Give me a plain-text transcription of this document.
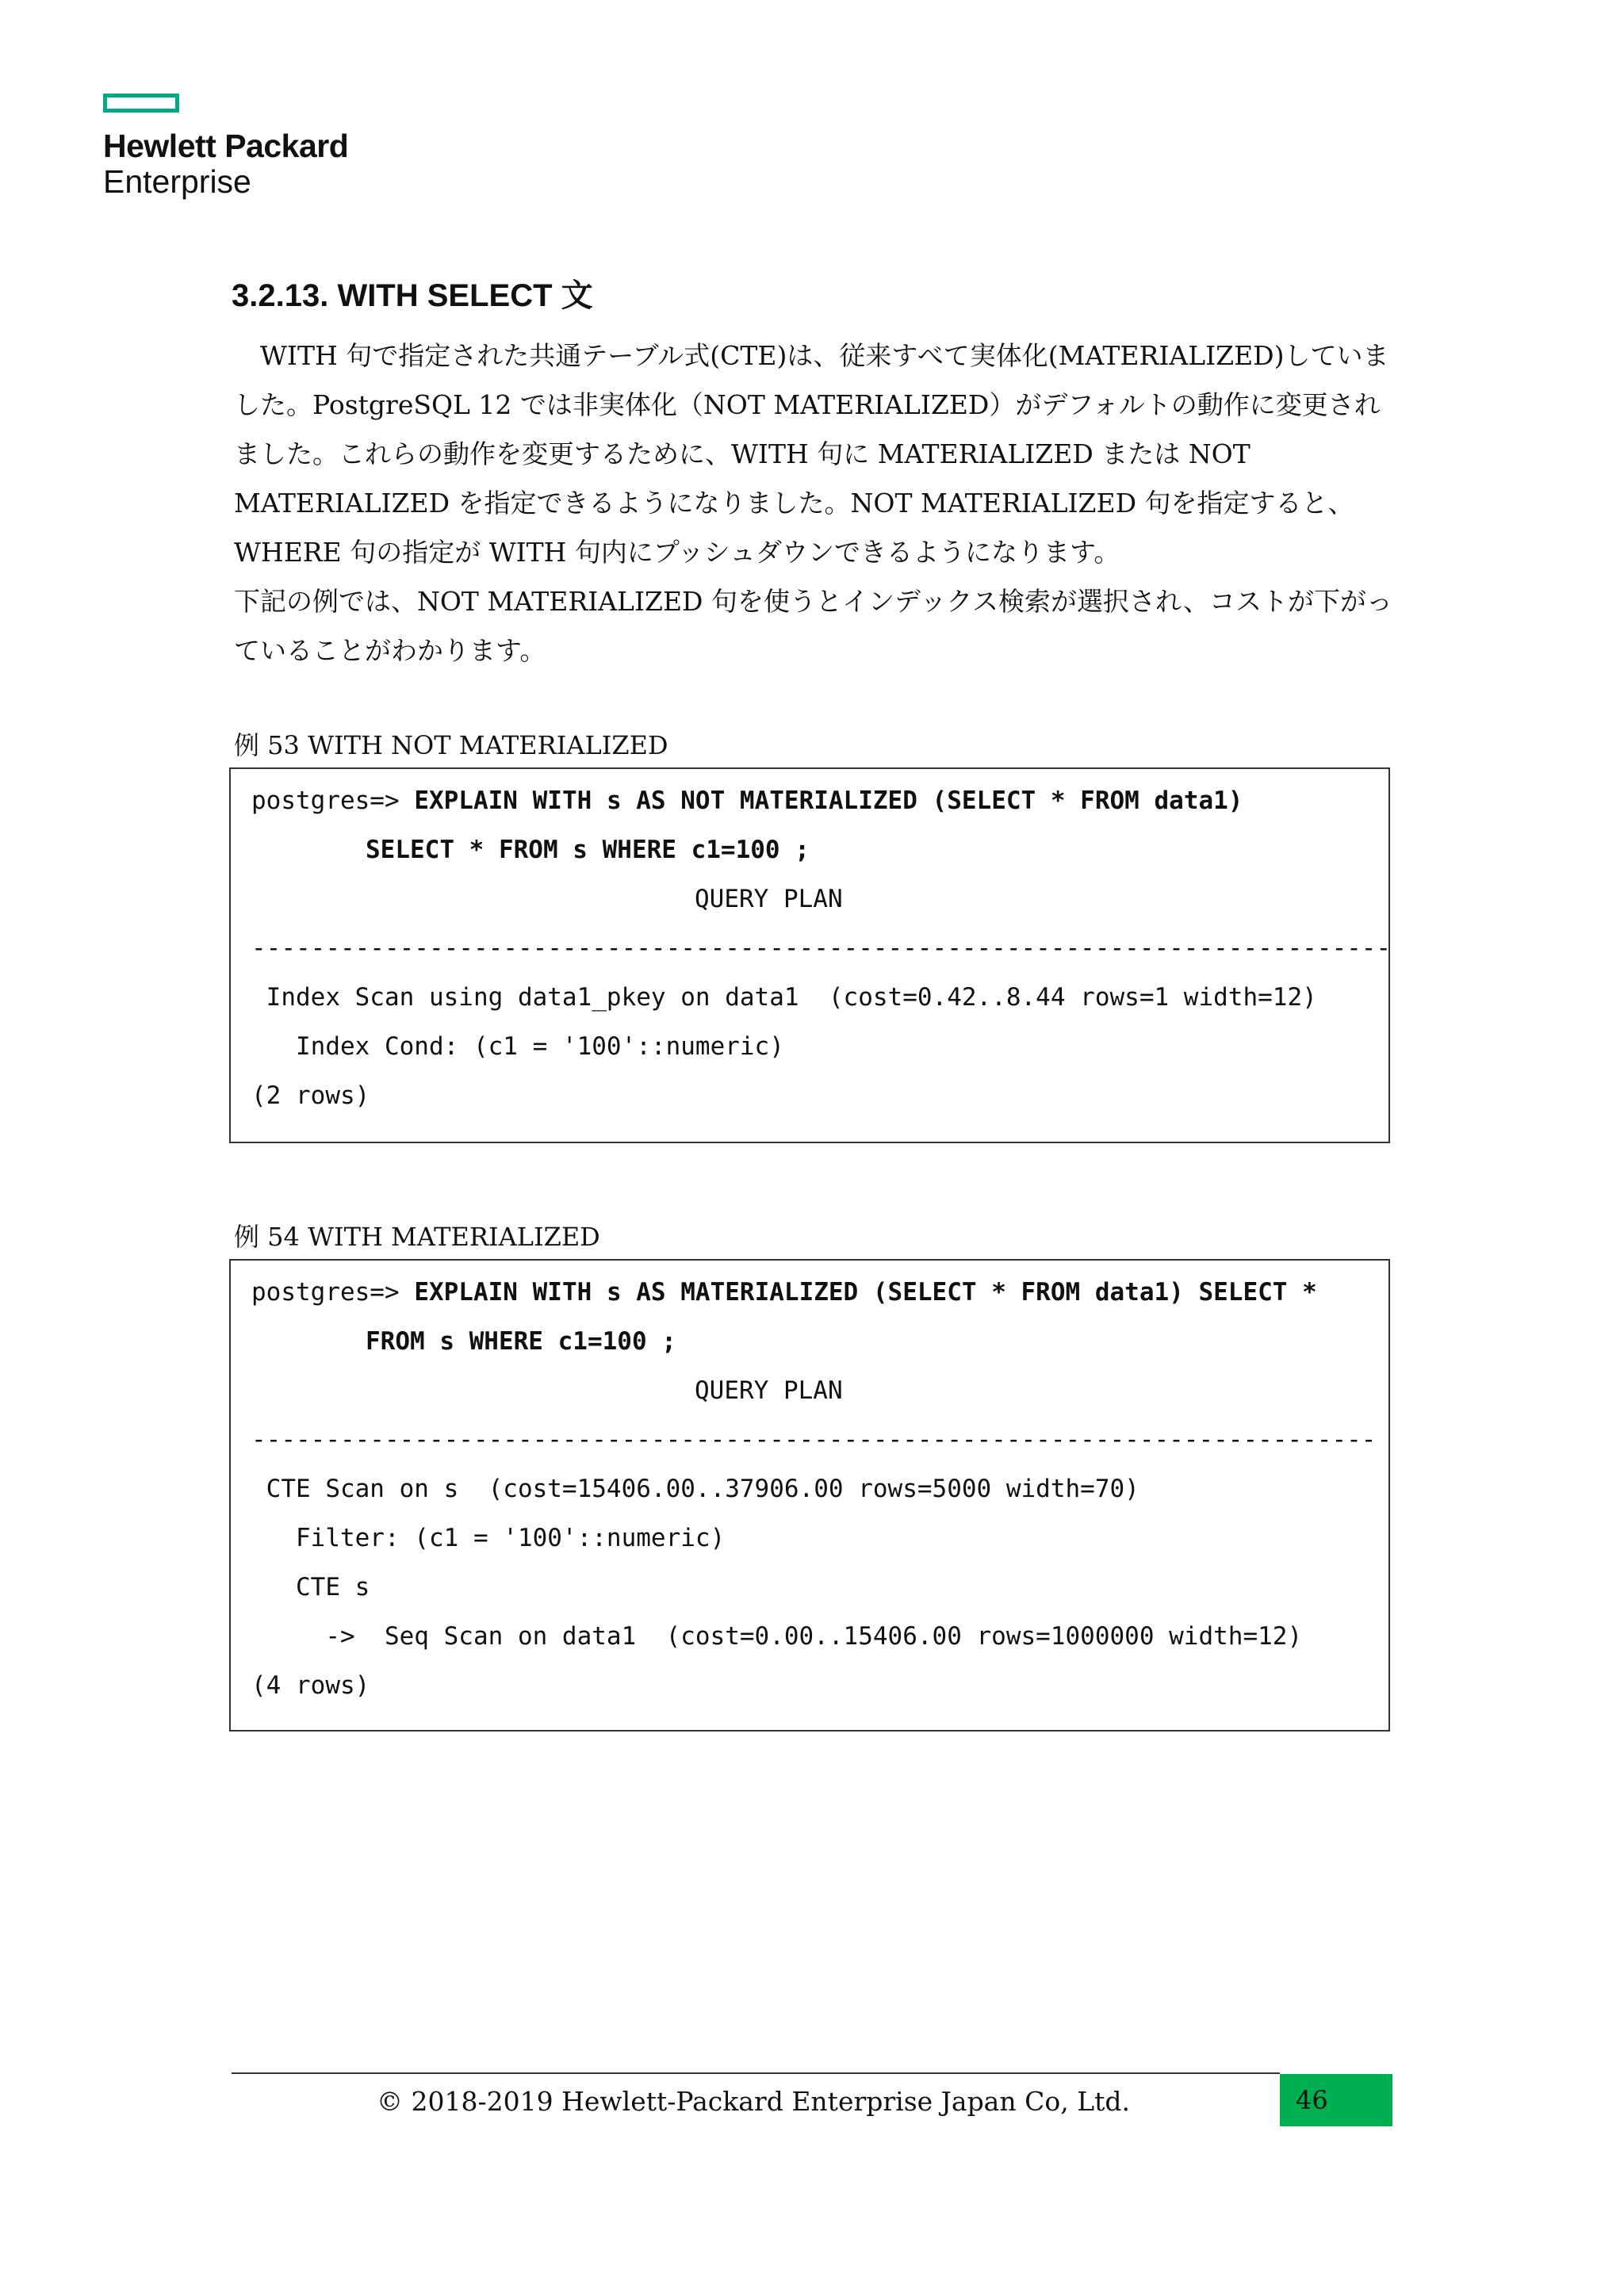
Hewlett Packard
Enterprise
3.2.13. WITH SELECT 文

WITH 句で指定された共通テーブル式(CTE)は、従来すべて実体化(MATERIALIZED)していました。PostgreSQL 12 では非実体化（NOT MATERIALIZED）がデフォルトの動作に変更されました。これらの動作を変更するために、WITH 句に MATERIALIZED または NOT MATERIALIZED を指定できるようになりました。NOT MATERIALIZED 句を指定すると、WHERE 句の指定が WITH 句内にプッシュダウンできるようになります。

下記の例では、NOT MATERIALIZED 句を使うとインデックス検索が選択され、コストが下がっていることがわかります。

例 53 WITH NOT MATERIALIZED
postgres=> EXPLAIN WITH s AS NOT MATERIALIZED (SELECT * FROM data1)
SELECT * FROM s WHERE c1=100 ;
QUERY PLAN
-----------------------------------------------------------------------------
Index Scan using data1_pkey on data1  (cost=0.42..8.44 rows=1 width=12)
Index Cond: (c1 = '100'::numeric)
(2 rows)
例 54 WITH MATERIALIZED
postgres=> EXPLAIN WITH s AS MATERIALIZED (SELECT * FROM data1) SELECT *
FROM s WHERE c1=100 ;
QUERY PLAN
----------------------------------------------------------------------------
CTE Scan on s  (cost=15406.00..37906.00 rows=5000 width=70)
Filter: (c1 = '100'::numeric)
CTE s
->  Seq Scan on data1  (cost=0.00..15406.00 rows=1000000 width=12)
(4 rows)
© 2018-2019 Hewlett-Packard Enterprise Japan Co, Ltd.	46
